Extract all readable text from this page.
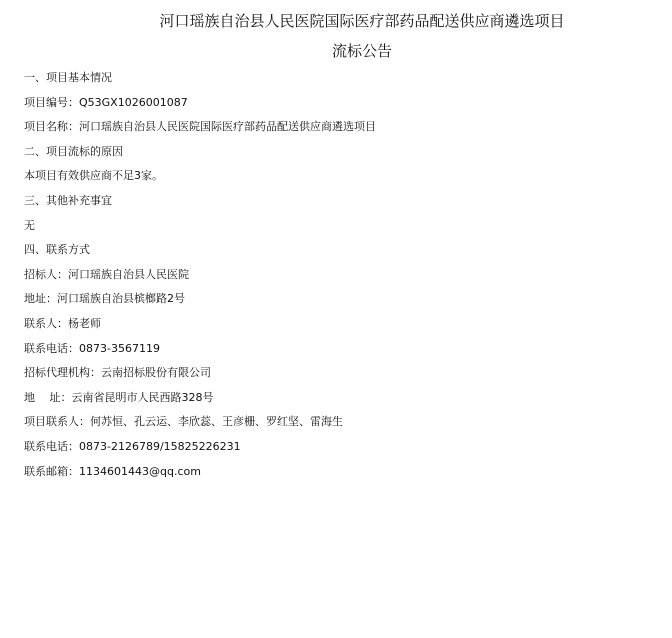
河口瑶族自治县人民医院国际医疗部药品配送供应商遴选项目
流标公告
一、项目基本情况
项目编号：Q53GX1026001087
项目名称：河口瑶族自治县人民医院国际医疗部药品配送供应商遴选项目
二、项目流标的原因
本项目有效供应商不足3家。
三、其他补充事宜
无
四、联系方式
招标人：河口瑶族自治县人民医院
地址：河口瑶族自治县槟榔路2号
联系人：杨老师
联系电话：0873-3567119
招标代理机构：云南招标股份有限公司
地　 址：云南省昆明市人民西路328号
项目联系人：何苏恒、孔云运、李欣蕊、王彦栅、罗红坚、雷海生
联系电话：0873-2126789/15825226231
联系邮箱：1134601443@qq.com
